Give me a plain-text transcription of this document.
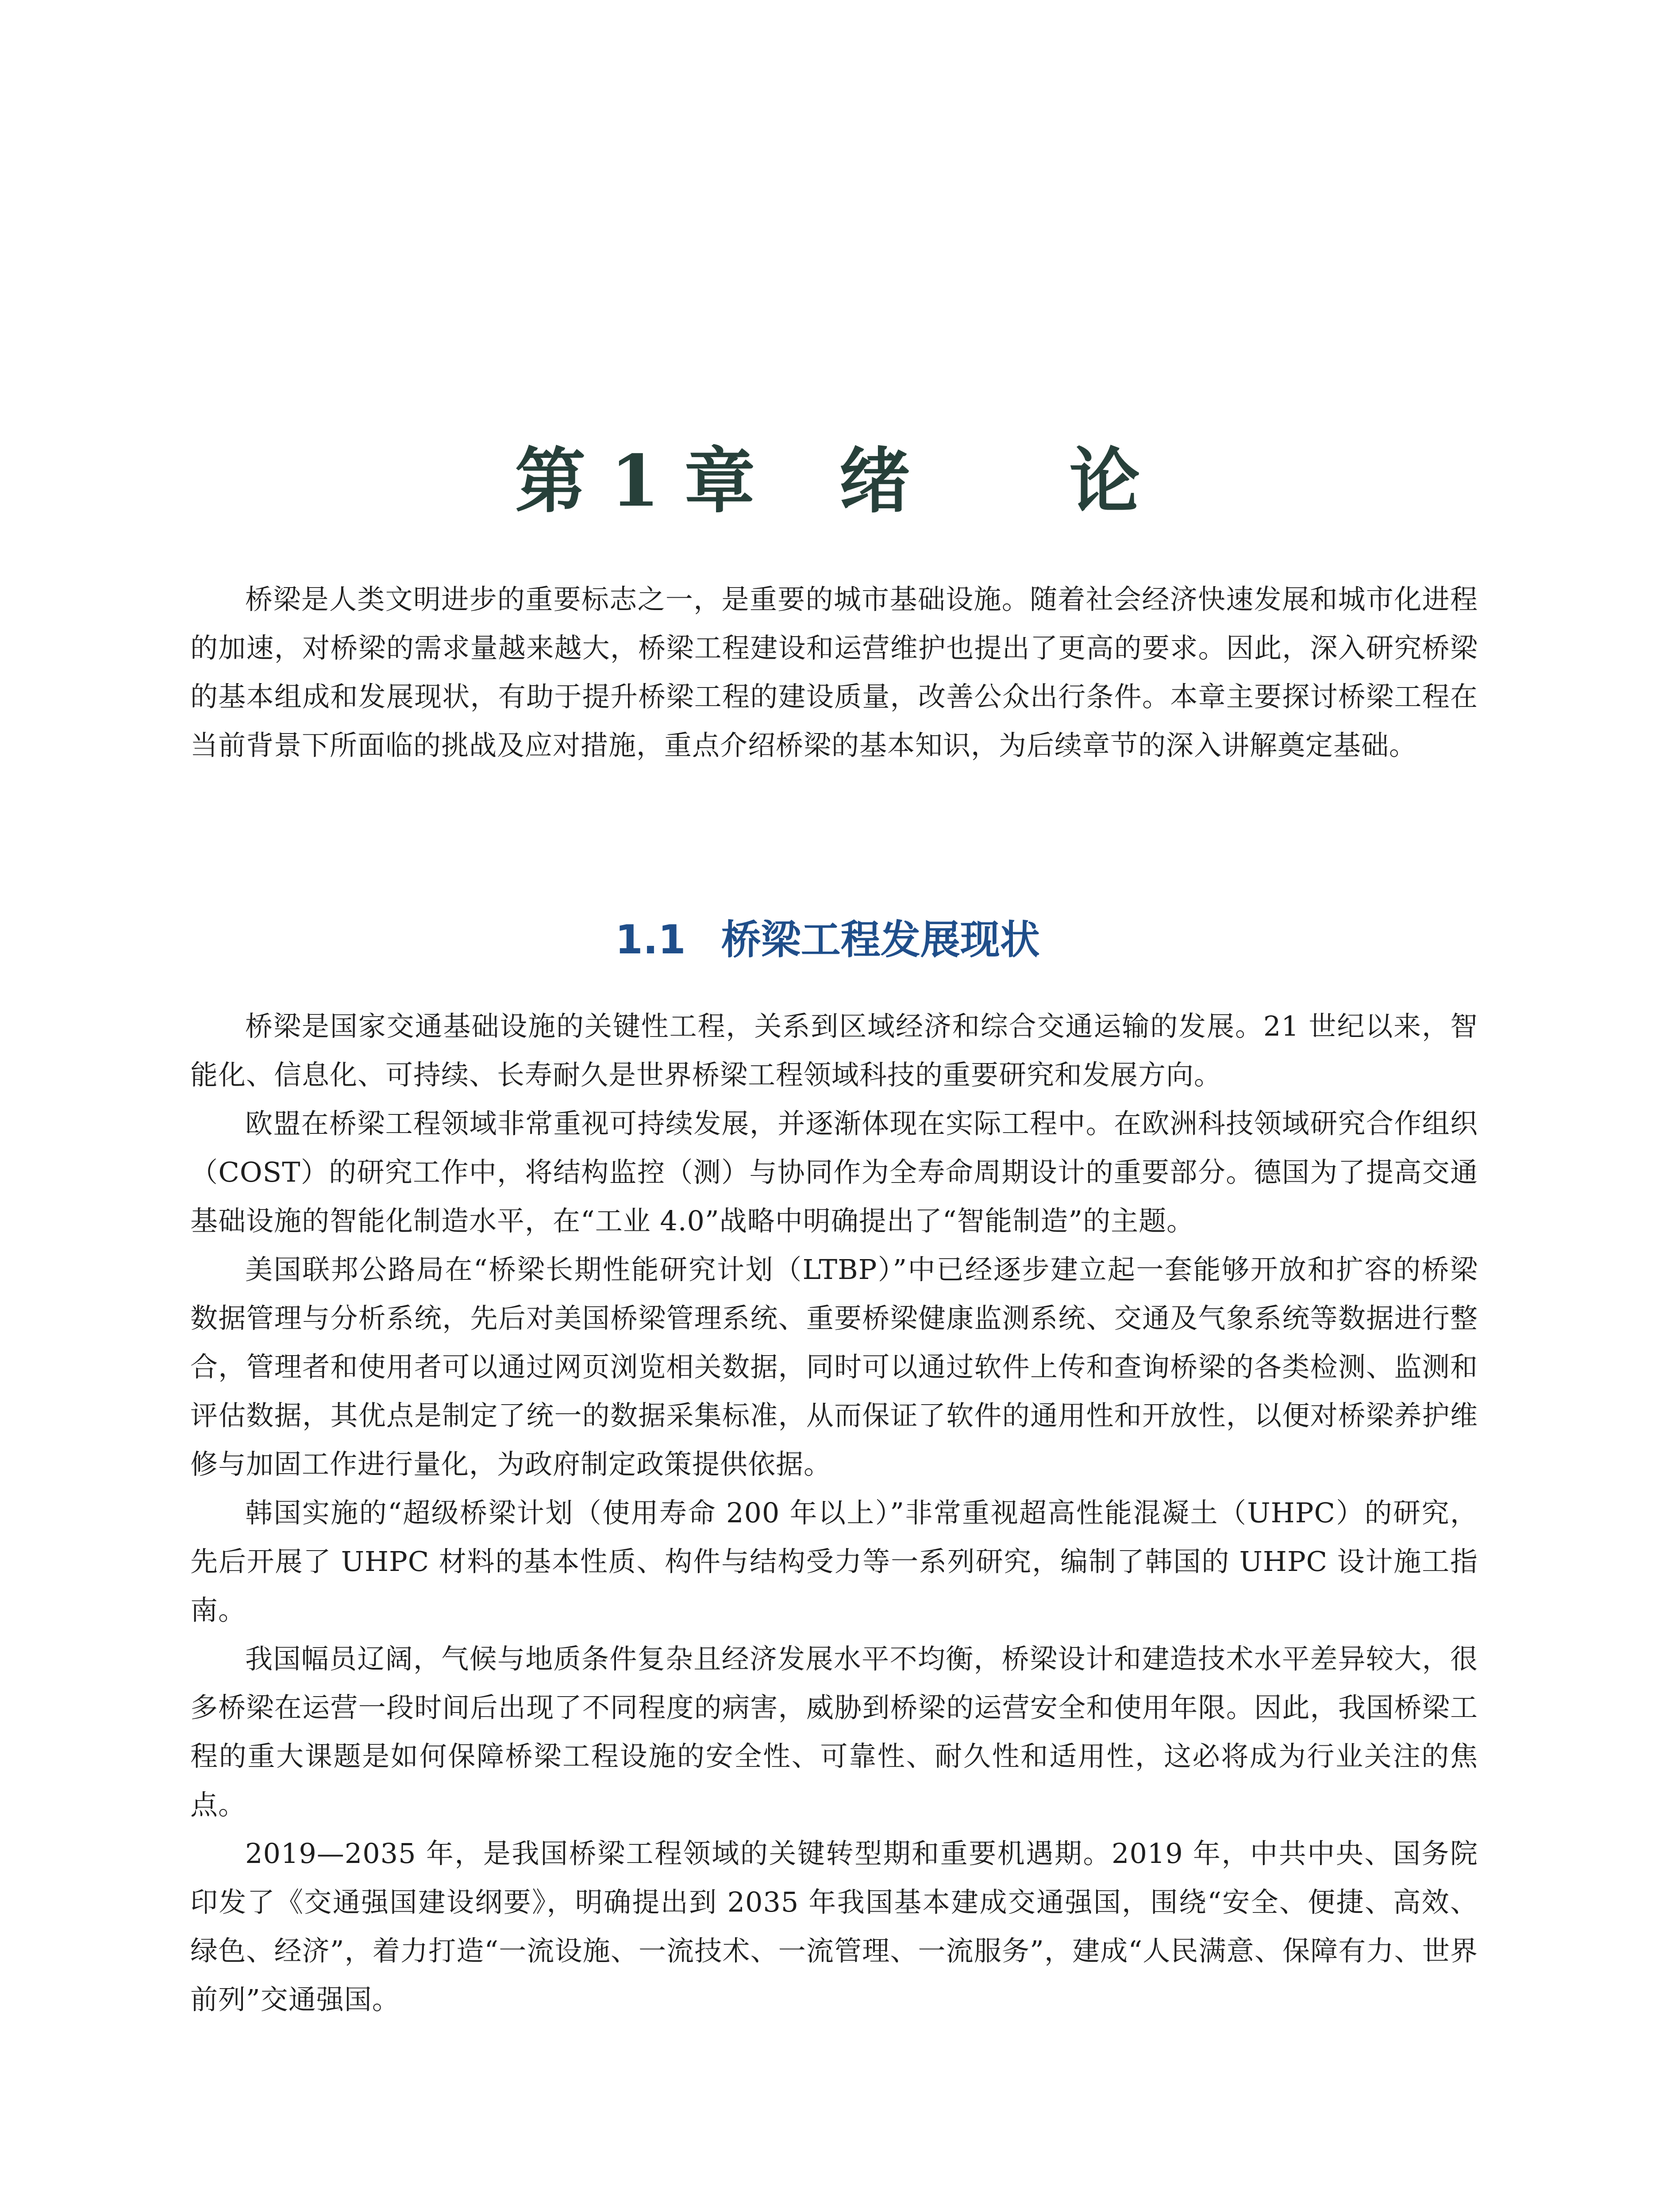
第 1 章 绪 论

桥梁是人类文明进步的重要标志之一，是重要的城市基础设施。随着社会经济快速发展和城市化进程的加速，对桥梁的需求量越来越大，桥梁工程建设和运营维护也提出了更高的要求。因此，深入研究桥梁的基本组成和发展现状，有助于提升桥梁工程的建设质量，改善公众出行条件。本章主要探讨桥梁工程在当前背景下所面临的挑战及应对措施，重点介绍桥梁的基本知识，为后续章节的深入讲解奠定基础。

1.1 桥梁工程发展现状

桥梁是国家交通基础设施的关键性工程，关系到区域经济和综合交通运输的发展。21 世纪以来，智能化、信息化、可持续、长寿耐久是世界桥梁工程领域科技的重要研究和发展方向。

欧盟在桥梁工程领域非常重视可持续发展，并逐渐体现在实际工程中。在欧洲科技领域研究合作组织（COST）的研究工作中，将结构监控（测）与协同作为全寿命周期设计的重要部分。德国为了提高交通基础设施的智能化制造水平，在“工业 4.0”战略中明确提出了“智能制造”的主题。

美国联邦公路局在“桥梁长期性能研究计划（LTBP）”中已经逐步建立起一套能够开放和扩容的桥梁数据管理与分析系统，先后对美国桥梁管理系统、重要桥梁健康监测系统、交通及气象系统等数据进行整合，管理者和使用者可以通过网页浏览相关数据，同时可以通过软件上传和查询桥梁的各类检测、监测和评估数据，其优点是制定了统一的数据采集标准，从而保证了软件的通用性和开放性，以便对桥梁养护维修与加固工作进行量化，为政府制定政策提供依据。

韩国实施的“超级桥梁计划（使用寿命 200 年以上）”非常重视超高性能混凝土（UHPC）的研究，先后开展了 UHPC 材料的基本性质、构件与结构受力等一系列研究，编制了韩国的 UHPC 设计施工指南。

我国幅员辽阔，气候与地质条件复杂且经济发展水平不均衡，桥梁设计和建造技术水平差异较大，很多桥梁在运营一段时间后出现了不同程度的病害，威胁到桥梁的运营安全和使用年限。因此，我国桥梁工程的重大课题是如何保障桥梁工程设施的安全性、可靠性、耐久性和适用性，这必将成为行业关注的焦点。

2019—2035 年，是我国桥梁工程领域的关键转型期和重要机遇期。2019 年，中共中央、国务院印发了《交通强国建设纲要》，明确提出到 2035 年我国基本建成交通强国，围绕“安全、便捷、高效、绿色、经济”，着力打造“一流设施、一流技术、一流管理、一流服务”，建成“人民满意、保障有力、世界前列”交通强国。
